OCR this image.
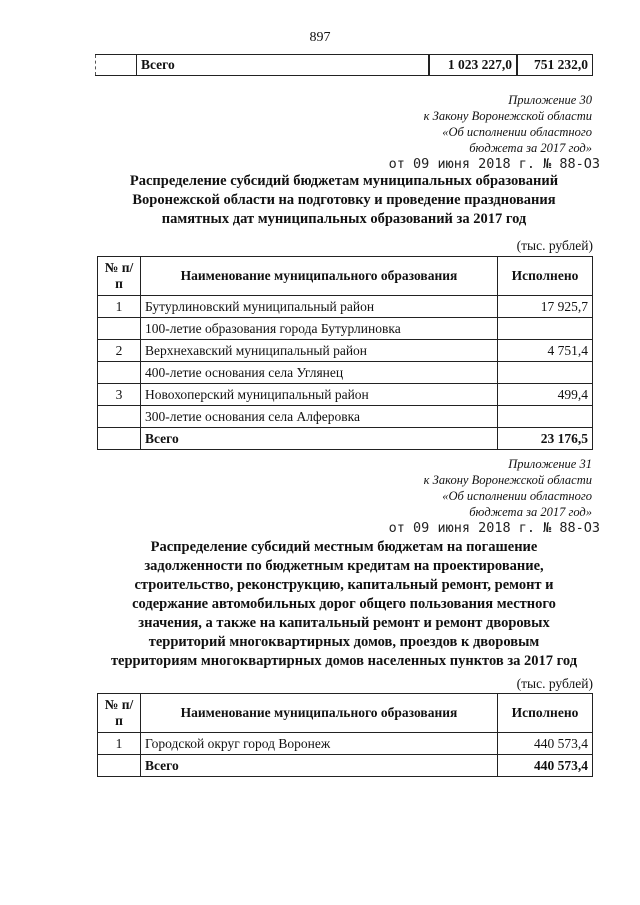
897
	Всего	1 023 227,0	751 232,0
Приложение 30
к Закону Воронежской области
«Об исполнении областного
бюджета за 2017 год»
от 09 июня 2018 г. № 88-ОЗ
Распределение субсидий бюджетам муниципальных образований
Воронежской области на подготовку и проведение празднования
памятных дат муниципальных образований за 2017 год
(тыс. рублей)
№ п/п	Наименование муниципального образования	Исполнено
1	Бутурлиновский муниципальный район	17 925,7
	100-летие образования города Бутурлиновка	
2	Верхнехавский муниципальный район	4 751,4
	400-летие основания села Углянец	
3	Новохоперский муниципальный район	499,4
	300-летие основания села Алферовка	
	Всего	23 176,5
Приложение 31
к Закону Воронежской области
«Об исполнении областного
бюджета за 2017 год»
от 09 июня 2018 г. № 88-ОЗ
Распределение субсидий местным бюджетам на погашение
задолженности по бюджетным кредитам на проектирование,
строительство, реконструкцию, капитальный ремонт, ремонт и
содержание автомобильных дорог общего пользования местного
значения, а также на капитальный ремонт и ремонт дворовых
территорий многоквартирных домов, проездов к дворовым
территориям многоквартирных домов населенных пунктов за 2017 год
(тыс. рублей)
№ п/п	Наименование муниципального образования	Исполнено
1	Городской округ город Воронеж	440 573,4
	Всего	440 573,4
